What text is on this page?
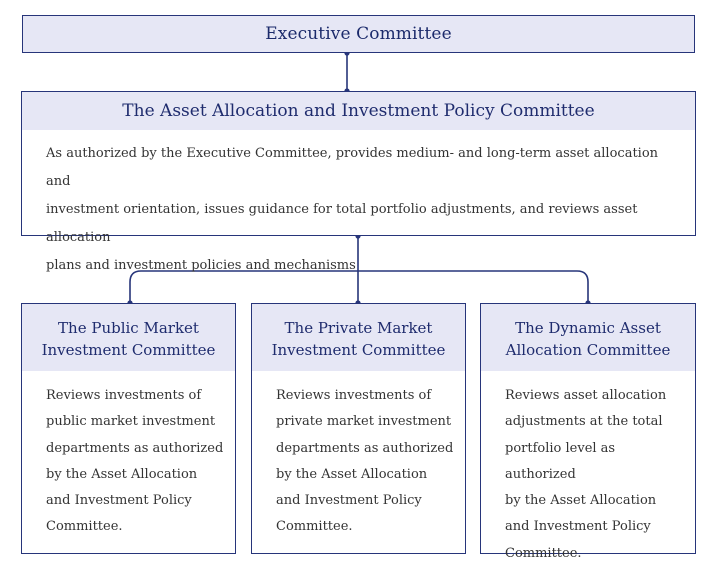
Executive Committee
The Asset Allocation and Investment Policy Committee
As authorized by the Executive Committee, provides medium- and long-term asset allocation and
investment orientation, issues guidance for total portfolio adjustments, and reviews asset allocation
plans and investment policies and mechanisms
The Public Market
Investment Committee
Reviews investments of
public market investment
departments as authorized
by the Asset Allocation
and Investment Policy
Committee.
The Private Market
Investment Committee
Reviews investments of
private market investment
departments as authorized
by the Asset Allocation
and Investment Policy
Committee.
The Dynamic Asset
Allocation Committee
Reviews asset allocation
adjustments at the total
portfolio level as authorized
by the Asset Allocation
and Investment Policy
Committee.
